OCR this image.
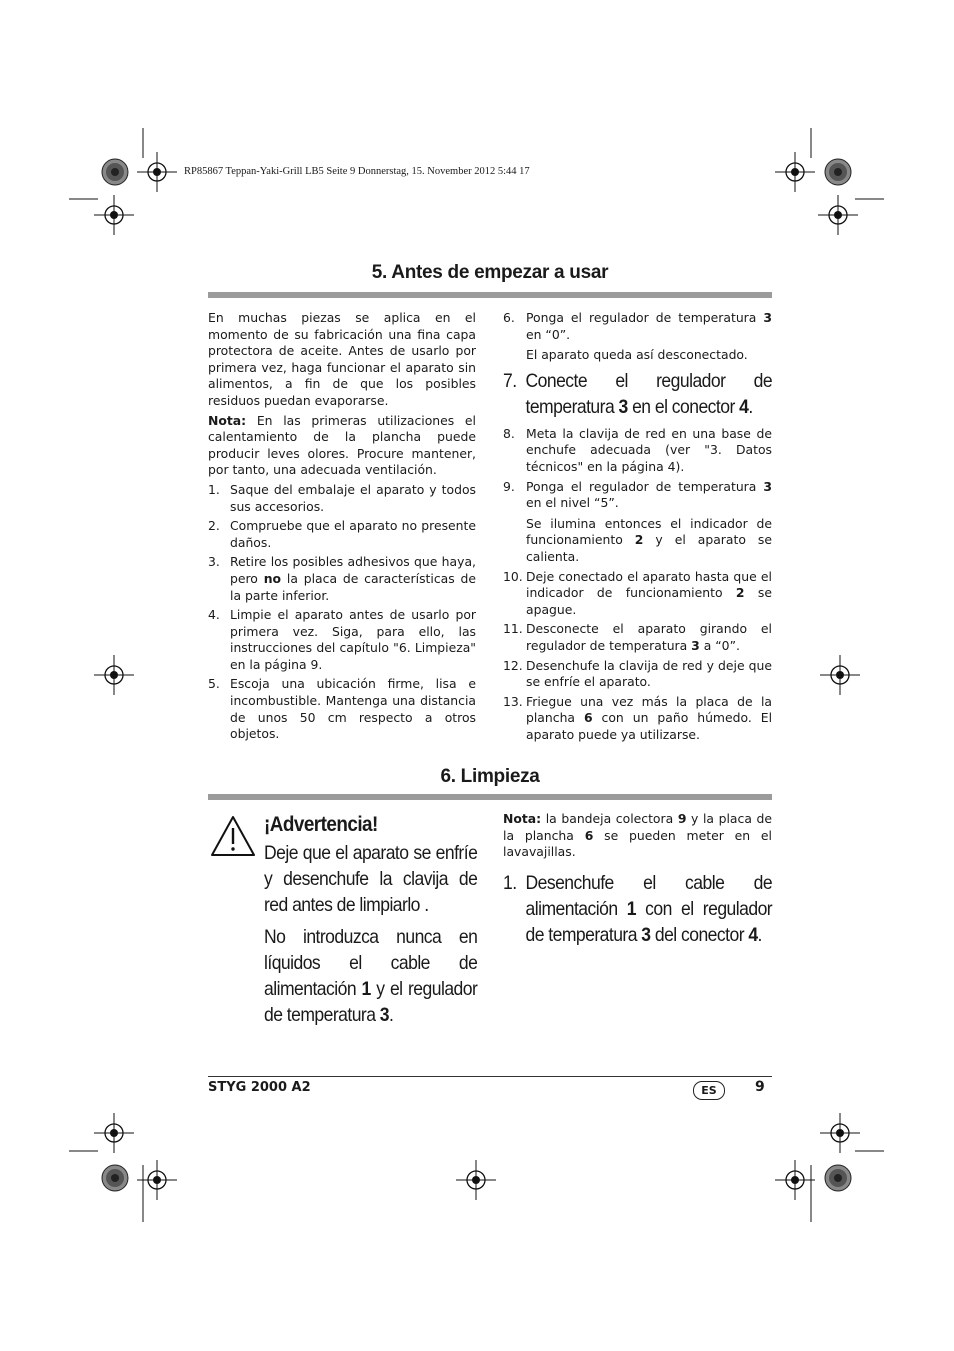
RP85867 Teppan-Yaki-Grill LB5 Seite 9 Donnerstag, 15. November 2012 5:44 17
5. Antes de empezar a usar

En muchas piezas se aplica en el momento de su fabricación una fina capa protectora de aceite. Antes de usarlo por primera vez, haga funcionar el aparato sin alimentos, a fin de que los posibles residuos puedan evaporarse.

Nota: En las primeras utilizaciones el calentamiento de la plancha puede producir leves olores. Procure mantener, por tanto, una adecuada ventilación.

1. Saque del embalaje el aparato y todos sus accesorios.
2. Compruebe que el aparato no presente daños.
3. Retire los posibles adhesivos que haya, pero no la placa de características de la parte inferior.
4. Limpie el aparato antes de usarlo por primera vez. Siga, para ello, las instrucciones del capítulo "6. Limpieza" en la página 9.
5. Escoja una ubicación firme, lisa e incombustible. Mantenga una distancia de unos 50 cm respecto a otros objetos.
6. Ponga el regulador de temperatura 3 en “0”.
El aparato queda así desconectado.
7. Conecte el regulador de temperatura 3 en el conector 4.
8. Meta la clavija de red en una base de enchufe adecuada (ver "3. Datos técnicos" en la página 4).
9. Ponga el regulador de temperatura 3 en el nivel “5”.
Se ilumina entonces el indicador de funcionamiento 2 y el aparato se calienta.
10. Deje conectado el aparato hasta que el indicador de funcionamiento 2 se apague.
11. Desconecte el aparato girando el regulador de temperatura 3 a “0”.
12. Desenchufe la clavija de red y deje que se enfríe el aparato.
13. Friegue una vez más la placa de la plancha 6 con un paño húmedo. El aparato puede ya utilizarse.
6. Limpieza
¡Advertencia!
Deje que el aparato se enfríe y desenchufe la clavija de red antes de limpiarlo .
No introduzca nunca en líquidos el cable de alimentación 1 y el regulador de temperatura 3.

Nota: la bandeja colectora 9 y la placa de la plancha 6 se pueden meter en el lavavajillas.

1. Desenchufe el cable de alimentación 1 con el regulador de temperatura 3 del conector 4.
STYG 2000 A2	ES	9
